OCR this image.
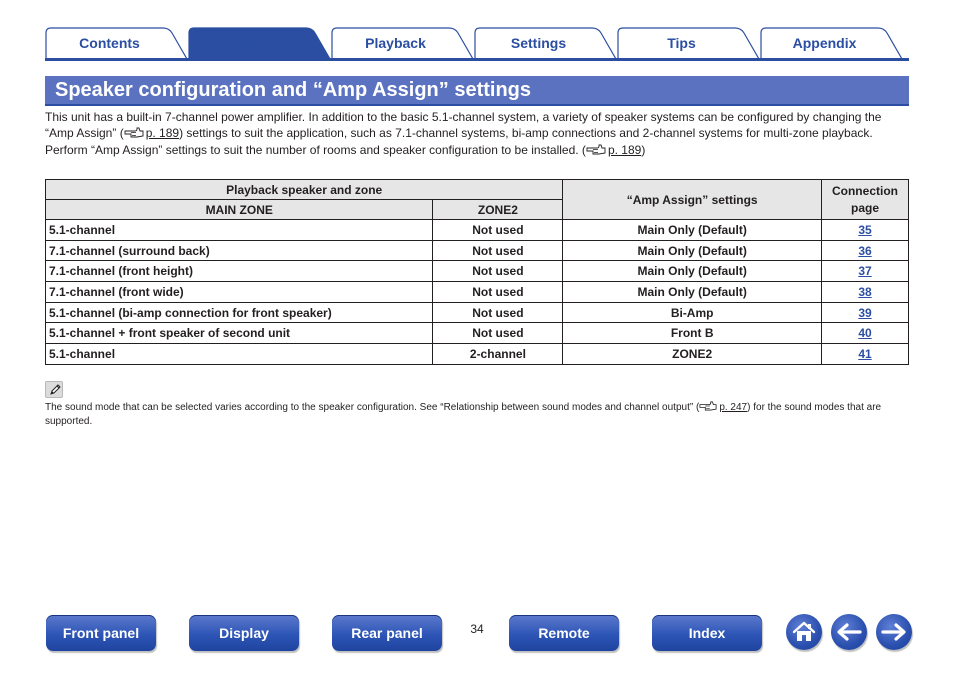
Contents	Connections	Playback	Settings	Tips	Appendix
Speaker configuration and “Amp Assign” settings

This unit has a built-in 7-channel power amplifier. In addition to the basic 5.1-channel system, a variety of speaker systems can be configured by changing the “Amp Assign” ( p. 189) settings to suit the application, such as 7.1-channel systems, bi-amp connections and 2-channel systems for multi-zone playback.

Perform “Amp Assign” settings to suit the number of rooms and speaker configuration to be installed. ( p. 189)

Playback speaker and zone		“Amp Assign” settings	Connection page
MAIN ZONE	ZONE2		
5.1-channel	Not used	Main Only (Default)	35
7.1-channel (surround back)	Not used	Main Only (Default)	36
7.1-channel (front height)	Not used	Main Only (Default)	37
7.1-channel (front wide)	Not used	Main Only (Default)	38
5.1-channel (bi-amp connection for front speaker)	Not used	Bi-Amp	39
5.1-channel + front speaker of second unit	Not used	Front B	40
5.1-channel	2-channel	ZONE2	41
The sound mode that can be selected varies according to the speaker configuration. See “Relationship between sound modes and channel output” ( p. 247) for the sound modes that are supported.
Front panel	Display	Rear panel	34	Remote	Index
